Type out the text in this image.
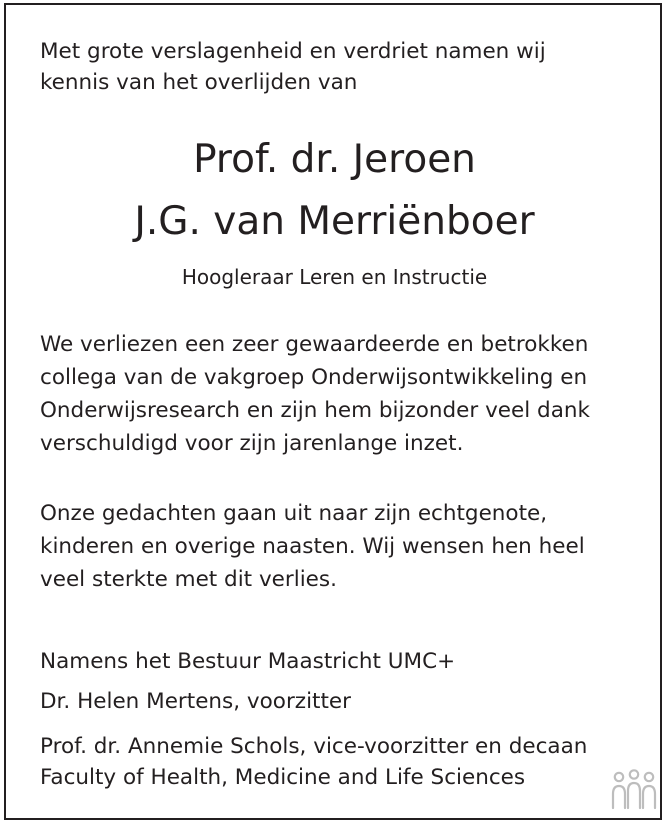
Met grote verslagenheid en verdriet namen wij
kennis van het overlijden van
Prof. dr. Jeroen
J.G. van Merriënboer

Hoogleraar Leren en Instructie

We verliezen een zeer gewaardeerde en betrokken
collega van de vakgroep Onderwijsontwikkeling en
Onderwijsresearch en zijn hem bijzonder veel dank
verschuldigd voor zijn jarenlange inzet.
Onze gedachten gaan uit naar zijn echtgenote,
kinderen en overige naasten. Wij wensen hen heel
veel sterkte met dit verlies.

Namens het Bestuur Maastricht UMC+

Dr. Helen Mertens, voorzitter

Prof. dr. Annemie Schols, vice-voorzitter en decaan
Faculty of Health, Medicine and Life Sciences
